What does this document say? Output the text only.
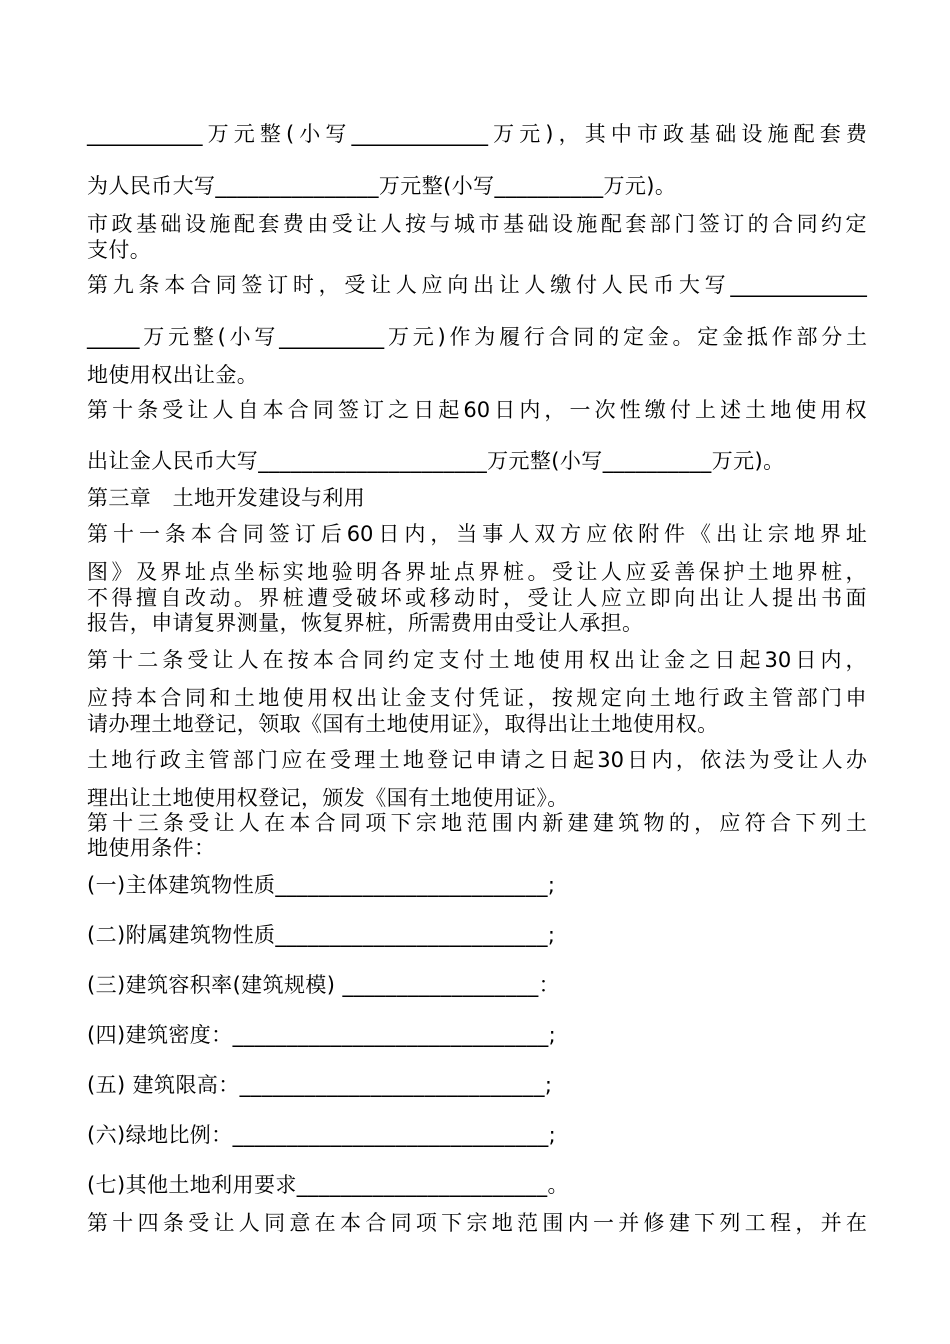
___________ 万 元 整 ( 小 写 _____________ 万 元 ) ， 其 中 市 政 基 础 设 施 配 套 费
为人民币大写_______________万元整(小写__________万元)。
市 政 基 础 设 施 配 套 费 由 受 让 人 按 与 城 市 基 础 设 施 配 套 部 门 签 订 的 合 同 约 定
支付。
第 九 条 本 合 同 签 订 时 ， 受 让 人 应 向 出 让 人 缴 付 人 民 币 大 写 _____________
_____ 万 元 整 ( 小 写 __________ 万 元 ) 作 为 履 行 合 同 的 定 金 。 定 金 抵 作 部 分 土
地使用权出让金。
第 十 条 受 让 人 自 本 合 同 签 订 之 日 起 60 日 内 ， 一 次 性 缴 付 上 述 土 地 使 用 权
出让金人民币大写_____________________万元整(小写__________万元)。
第三章　土地开发建设与利用
第 十 一 条 本 合 同 签 订 后 60 日 内 ， 当 事 人 双 方 应 依 附 件 《 出 让 宗 地 界 址
图 》 及 界 址 点 坐 标 实 地 验 明 各 界 址 点 界 桩 。 受 让 人 应 妥 善 保 护 土 地 界 桩 ，
不 得 擅 自 改 动 。 界 桩 遭 受 破 坏 或 移 动 时 ， 受 让 人 应 立 即 向 出 让 人 提 出 书 面
报告，申请复界测量，恢复界桩，所需费用由受让人承担。
第 十 二 条 受 让 人 在 按 本 合 同 约 定 支 付 土 地 使 用 权 出 让 金 之 日 起 30 日 内 ，
应 持 本 合 同 和 土 地 使 用 权 出 让 金 支 付 凭 证 ， 按 规 定 向 土 地 行 政 主 管 部 门 申
请办理土地登记，领取《国有土地使用证》，取得出让土地使用权。
土 地 行 政 主 管 部 门 应 在 受 理 土 地 登 记 申 请 之 日 起 30 日 内 ， 依 法 为 受 让 人 办
理出让土地使用权登记，颁发《国有土地使用证》。
第 十 三 条 受 让 人 在 本 合 同 项 下 宗 地 范 围 内 新 建 建 筑 物 的 ， 应 符 合 下 列 土
地使用条件：
(一)主体建筑物性质_________________________;
(二)附属建筑物性质_________________________;
(三)建筑容积率(建筑规模) __________________：
(四)建筑密度：_____________________________;
(五) 建筑限高：____________________________;
(六)绿地比例：_____________________________;
(七)其他土地利用要求_______________________。
第 十 四 条 受 让 人 同 意 在 本 合 同 项 下 宗 地 范 围 内 一 并 修 建 下 列 工 程 ， 并 在
